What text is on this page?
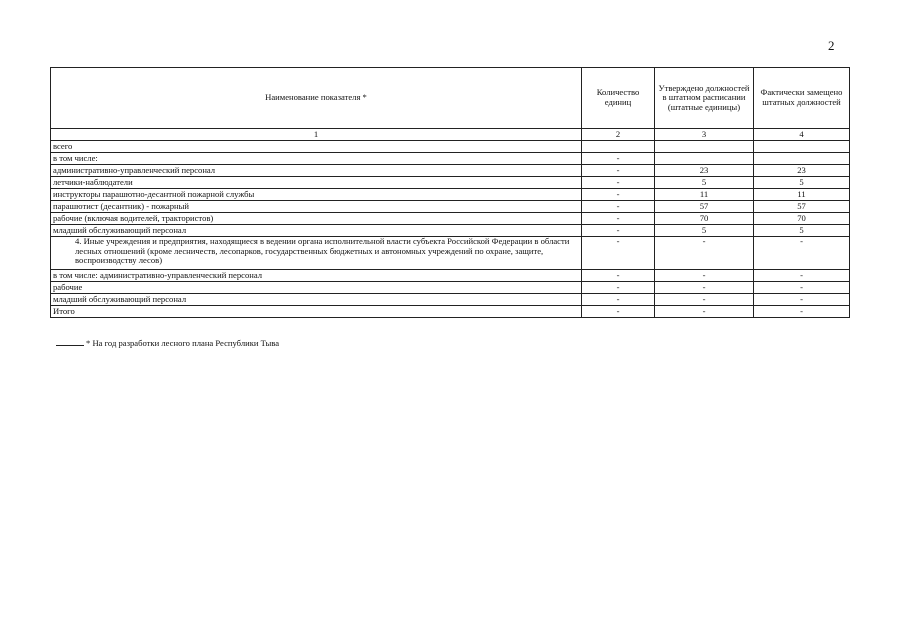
2
Наименование показателя *	Количество единиц	Утверждено должностей в штатном расписании (штатные единицы)	Фактически замещено штатных должностей
1	2	3	4
всего			
в том числе:	-		
административно-управленческий персонал	-	23	23
летчики-наблюдатели	-	5	5
инструкторы парашютно-десантной пожарной службы	-	11	11
парашютист (десантник) - пожарный	-	57	57
рабочие (включая водителей, трактористов)	-	70	70
младший обслуживающий персонал	-	5	5
4. Иные учреждения и предприятия, находящиеся в ведении органа исполнительной власти субъекта Российской Федерации в области лесных отношений (кроме лесничеств, лесопарков, государственных бюджетных и автономных учреждений по охране, защите, воспроизводству лесов)	-	-	-
в том числе: административно-управленческий персонал	-	-	-
рабочие	-	-	-
младший обслуживающий персонал	-	-	-
Итого	-	-	-
* На год разработки лесного плана Республики Тыва
